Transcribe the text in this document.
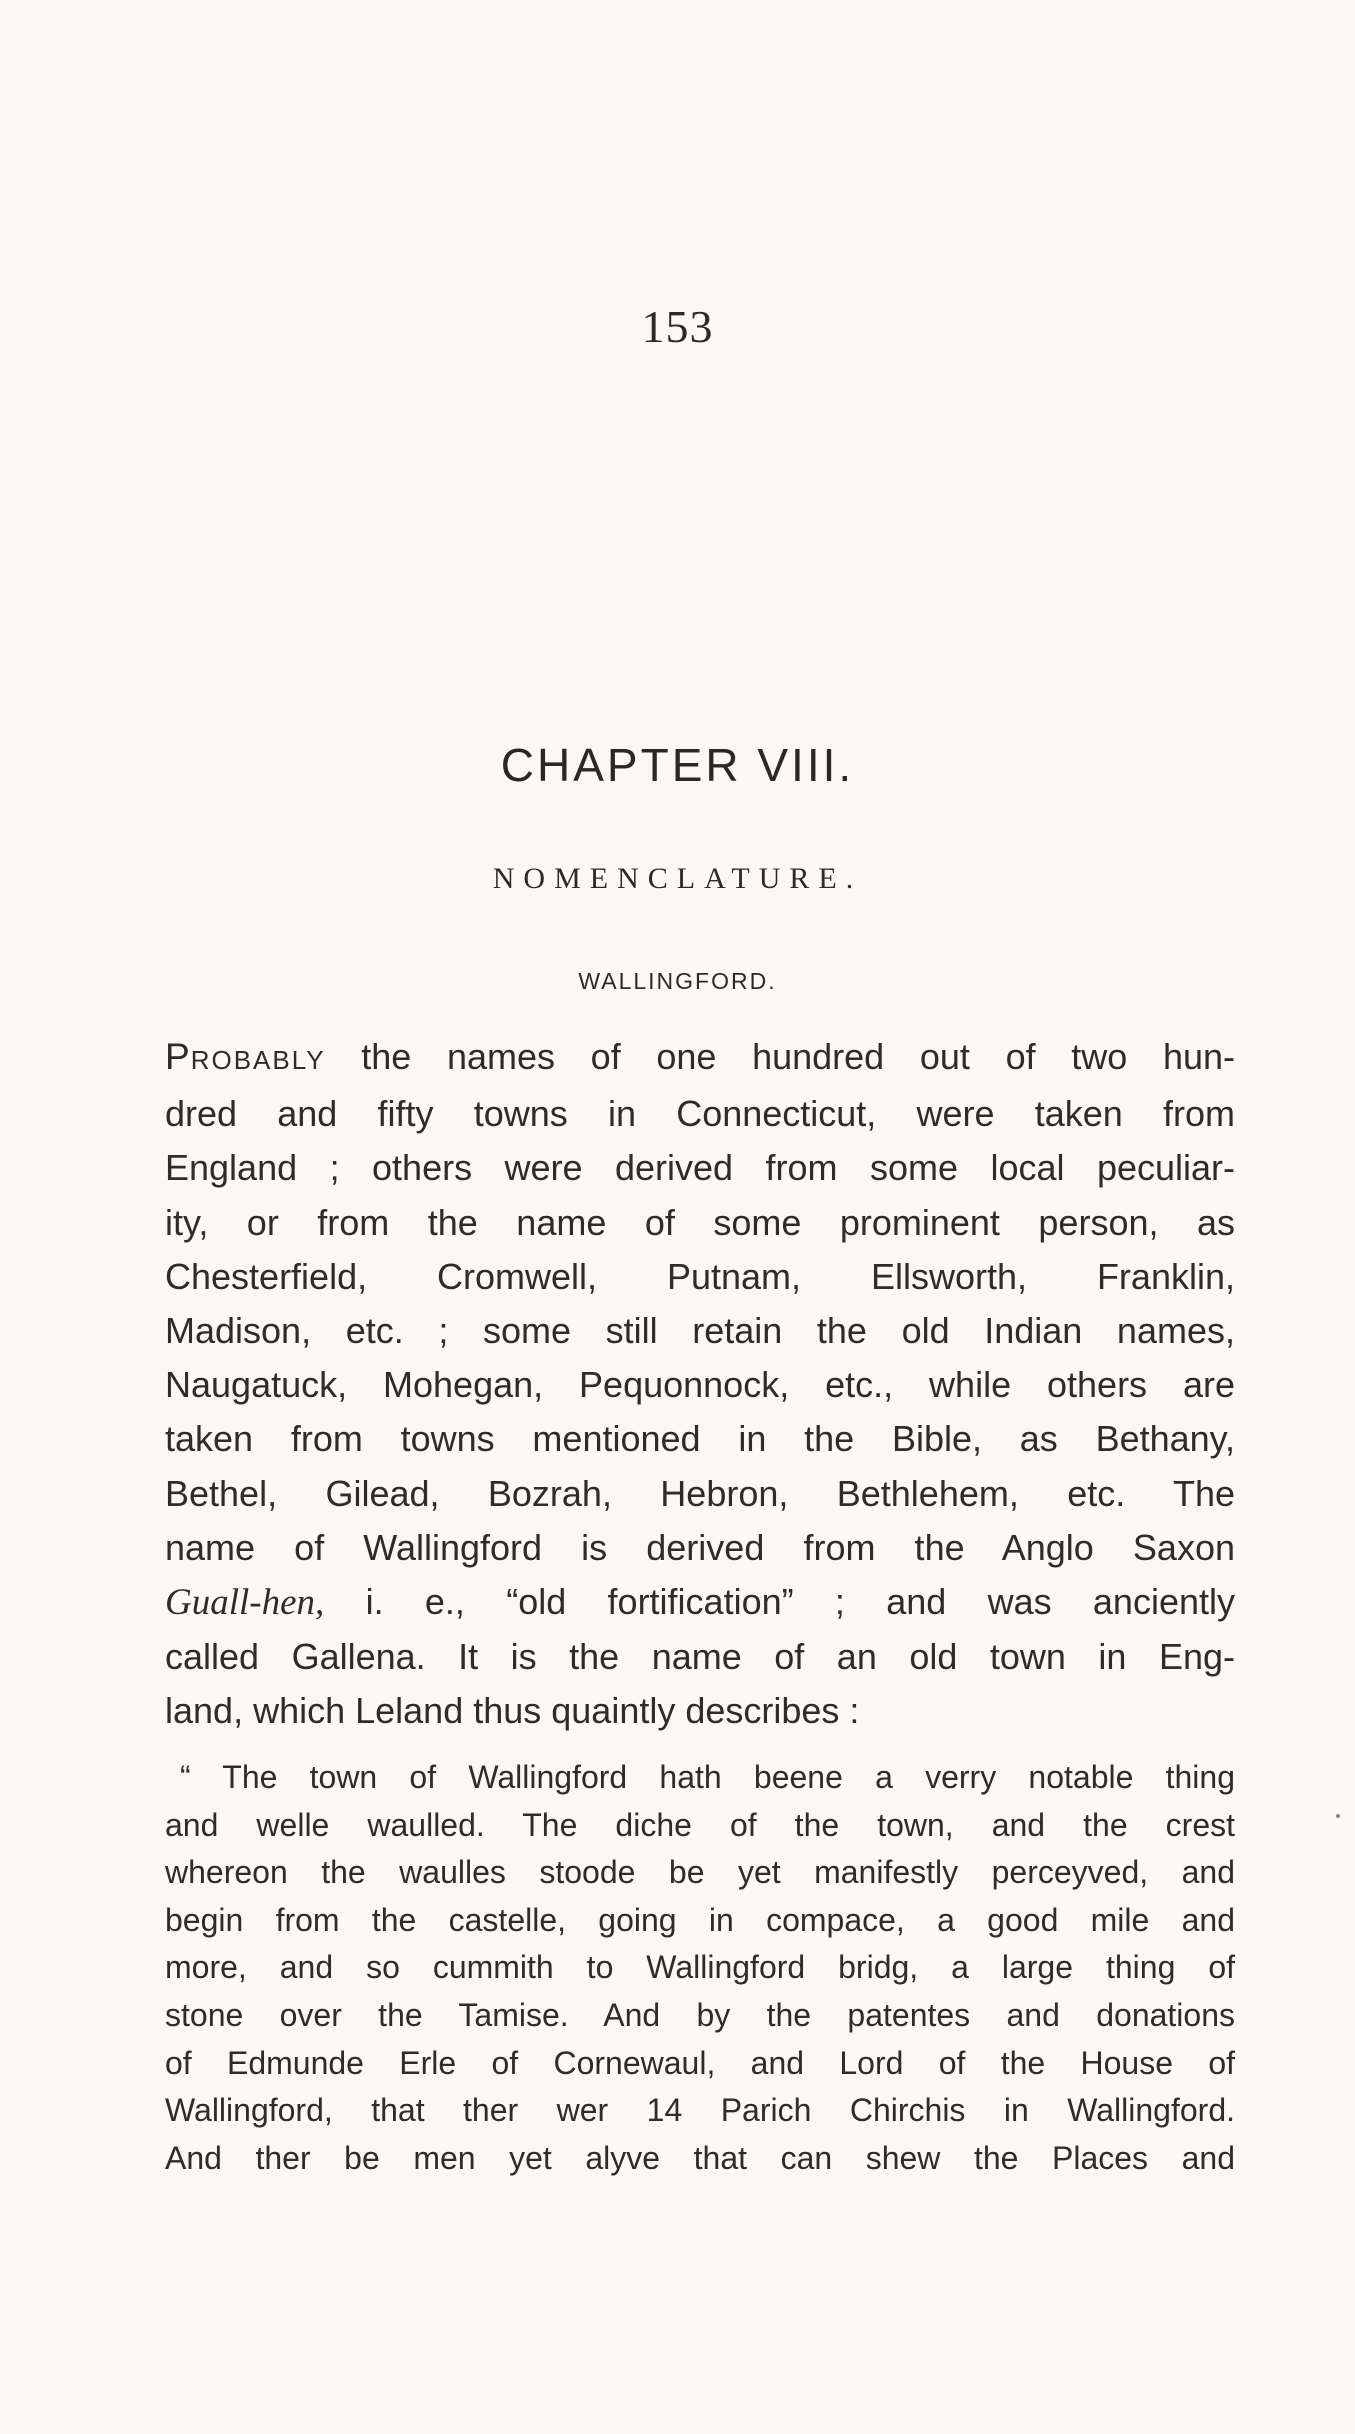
153
CHAPTER VIII.
NOMENCLATURE.
WALLINGFORD.
PROBABLY the names of one hundred out of two hun-
dred and fifty towns in Connecticut, were taken from
England ; others were derived from some local peculiar-
ity, or from the name of some prominent person, as
Chesterfield, Cromwell, Putnam, Ellsworth, Franklin,
Madison, etc. ; some still retain the old Indian names,
Naugatuck, Mohegan, Pequonnock, etc., while others are
taken from towns mentioned in the Bible, as Bethany,
Bethel, Gilead, Bozrah, Hebron, Bethlehem, etc. The
name of Wallingford is derived from the Anglo Saxon
Guall-hen, i. e., “old fortification” ; and was anciently
called Gallena. It is the name of an old town in Eng-
land, which Leland thus quaintly describes :
“ The town of Wallingford hath beene a verry notable thing
and welle waulled. The diche of the town, and the crest
whereon the waulles stoode be yet manifestly perceyved, and
begin from the castelle, going in compace, a good mile and
more, and so cummith to Wallingford bridg, a large thing of
stone over the Tamise. And by the patentes and donations
of Edmunde Erle of Cornewaul, and Lord of the House of
Wallingford, that ther wer 14 Parich Chirchis in Wallingford.
And ther be men yet alyve that can shew the Places and
